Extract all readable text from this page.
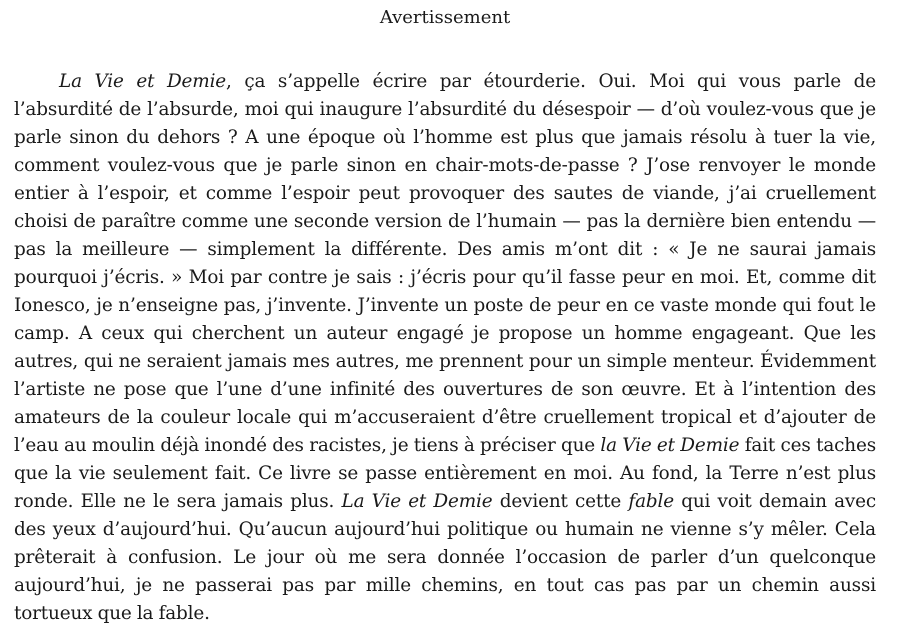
Avertissement

La Vie et Demie, ça s’appelle écrire par étourderie. Oui. Moi qui vous parle de l’absurdité de l’absurde, moi qui inaugure l’absurdité du désespoir — d’où voulez-vous que je parle sinon du dehors ? A une époque où l’homme est plus que jamais résolu à tuer la vie, comment voulez-vous que je parle sinon en chair-mots-de-passe ? J’ose renvoyer le monde entier à l’espoir, et comme l’espoir peut provoquer des sautes de viande, j’ai cruellement choisi de paraître comme une seconde version de l’humain — pas la dernière bien entendu — pas la meilleure — simplement la différente. Des amis m’ont dit : « Je ne saurai jamais pourquoi j’écris. » Moi par contre je sais : j’écris pour qu’il fasse peur en moi. Et, comme dit Ionesco, je n’enseigne pas, j’invente. J’invente un poste de peur en ce vaste monde qui fout le camp. A ceux qui cherchent un auteur engagé je propose un homme engageant. Que les autres, qui ne seraient jamais mes autres, me prennent pour un simple menteur. Évidemment l’artiste ne pose que l’une d’une infinité des ouvertures de son œuvre. Et à l’intention des amateurs de la couleur locale qui m’accuseraient d’être cruellement tropical et d’ajouter de l’eau au moulin déjà inondé des racistes, je tiens à préciser que la Vie et Demie fait ces taches que la vie seulement fait. Ce livre se passe entièrement en moi. Au fond, la Terre n’est plus ronde. Elle ne le sera jamais plus. La Vie et Demie devient cette fable qui voit demain avec des yeux d’aujourd’hui. Qu’aucun aujourd’hui politique ou humain ne vienne s’y mêler. Cela prêterait à confusion. Le jour où me sera donnée l’occasion de parler d’un quelconque aujourd’hui, je ne passerai pas par mille chemins, en tout cas pas par un chemin aussi tortueux que la fable.
